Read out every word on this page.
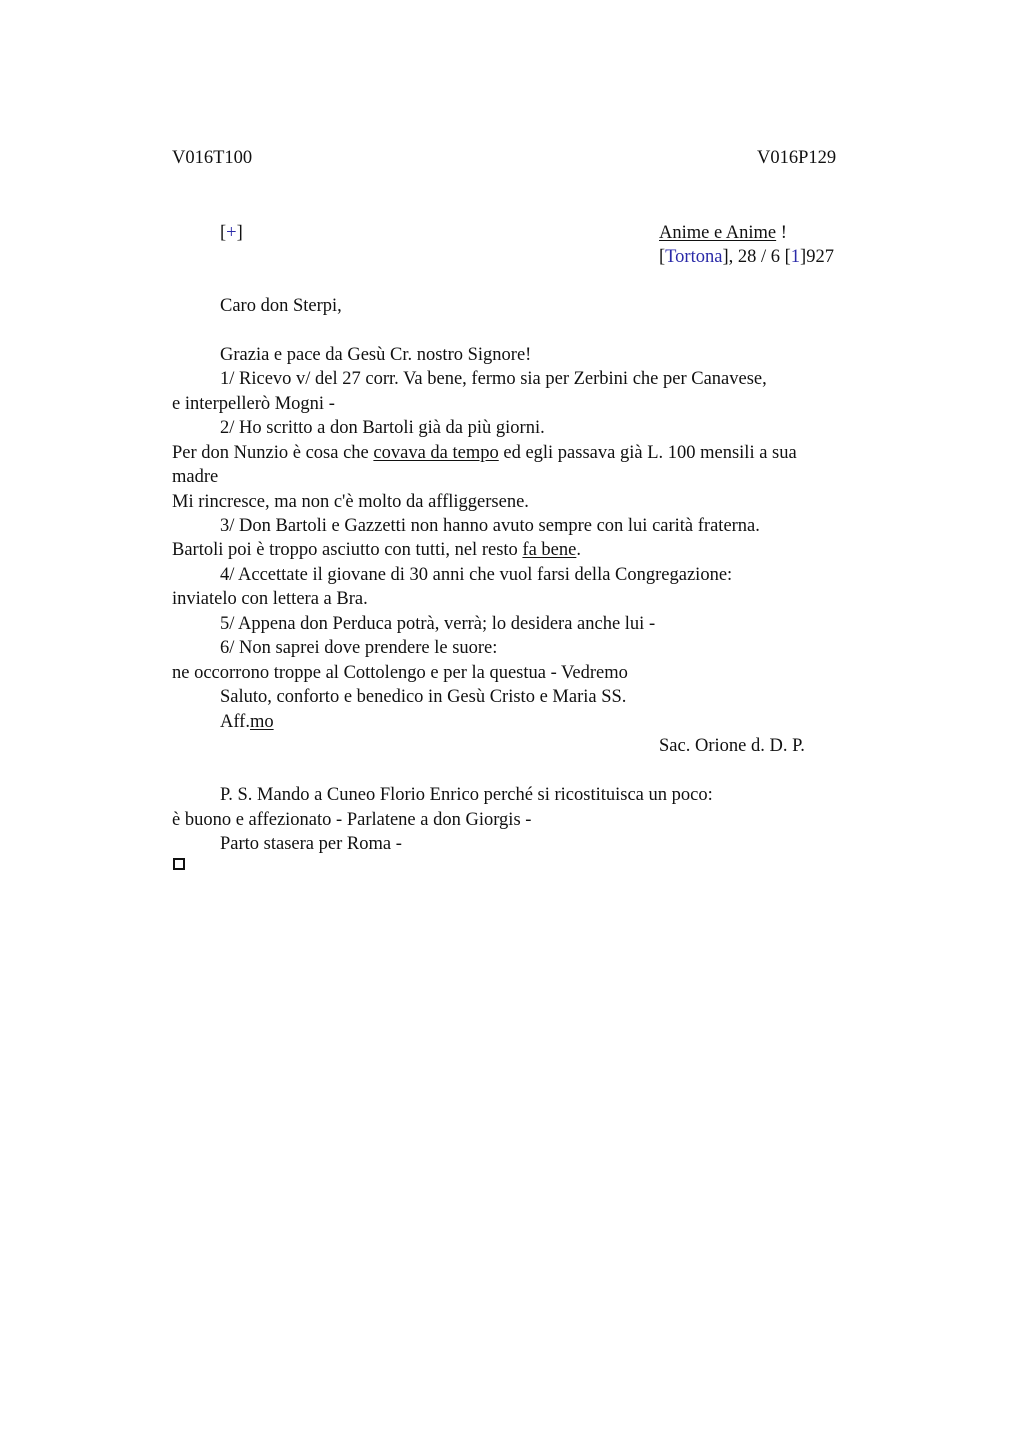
V016T100	V016P129
[+]	Anime e Anime !
[Tortona], 28 / 6 [1]927
Caro don Sterpi,
Grazia e pace da Gesù Cr. nostro Signore!
1/ Ricevo v/ del 27 corr. Va bene, fermo sia per Zerbini che per Canavese,
e interpellerò Mogni -
2/ Ho scritto a don Bartoli già da più giorni.
Per don Nunzio è cosa che covava da tempo ed egli passava già L. 100 mensili a sua
madre
Mi rincresce, ma non c'è molto da affliggersene.
3/ Don Bartoli e Gazzetti non hanno avuto sempre con lui carità fraterna.
Bartoli poi è troppo asciutto con tutti, nel resto fa bene.
4/ Accettate il giovane di 30 anni che vuol farsi della Congregazione:
inviatelo con lettera a Bra.
5/ Appena don Perduca potrà, verrà; lo desidera anche lui -
6/ Non saprei dove prendere le suore:
ne occorrono troppe al Cottolengo e per la questua - Vedremo
Saluto, conforto e benedico in Gesù Cristo e Maria SS.
Aff.mo
Sac. Orione d. D. P.
P. S. Mando a Cuneo Florio Enrico perché si ricostituisca un poco:
è buono e affezionato - Parlatene a don Giorgis -
Parto stasera per Roma -
